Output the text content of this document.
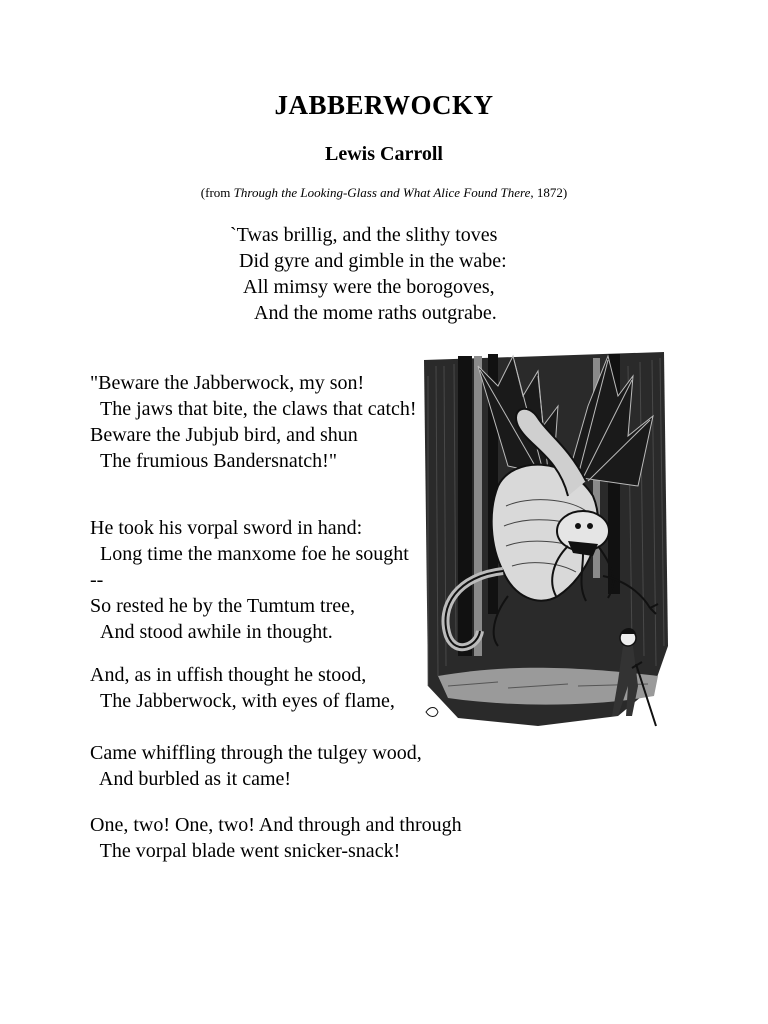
JABBERWOCKY
Lewis Carroll
(from Through the Looking-Glass and What Alice Found There, 1872)
`Twas brillig, and the slithy toves
Did gyre and gimble in the wabe:
All mimsy were the borogoves,
And the mome raths outgrabe.
"Beware the Jabberwock, my son!
The jaws that bite, the claws that catch!
Beware the Jubjub bird, and shun
The frumious Bandersnatch!"
He took his vorpal sword in hand:
Long time the manxome foe he sought --
So rested he by the Tumtum tree,
And stood awhile in thought.
And, as in uffish thought he stood,
The Jabberwock, with eyes of flame,
Came whiffling through the tulgey wood,
And burbled as it came!
One, two! One, two! And through and through
The vorpal blade went snicker-snack!
